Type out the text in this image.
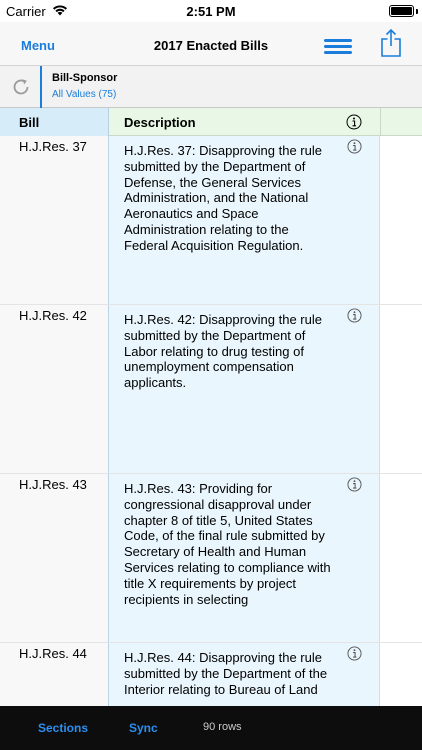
Carrier	2:51 PM
Menu	2017 Enacted Bills
Bill-Sponsor
All Values (75)
Bill	Description
H.J.Res. 37	H.J.Res. 37: Disapproving the rule submitted by the Department of Defense, the General Services Administration, and the National Aeronautics and Space Administration relating to the Federal Acquisition Regulation.
H.J.Res. 42	H.J.Res. 42: Disapproving the rule submitted by the Department of Labor relating to drug testing of unemployment compensation applicants.
H.J.Res. 43	H.J.Res. 43: Providing for congressional disapproval under chapter 8 of title 5, United States Code, of the final rule submitted by Secretary of Health and Human Services relating to compliance with title X requirements by project recipients in selecting
H.J.Res. 44	H.J.Res. 44: Disapproving the rule submitted by the Department of the Interior relating to Bureau of Land
Sections	Sync	90 rows
